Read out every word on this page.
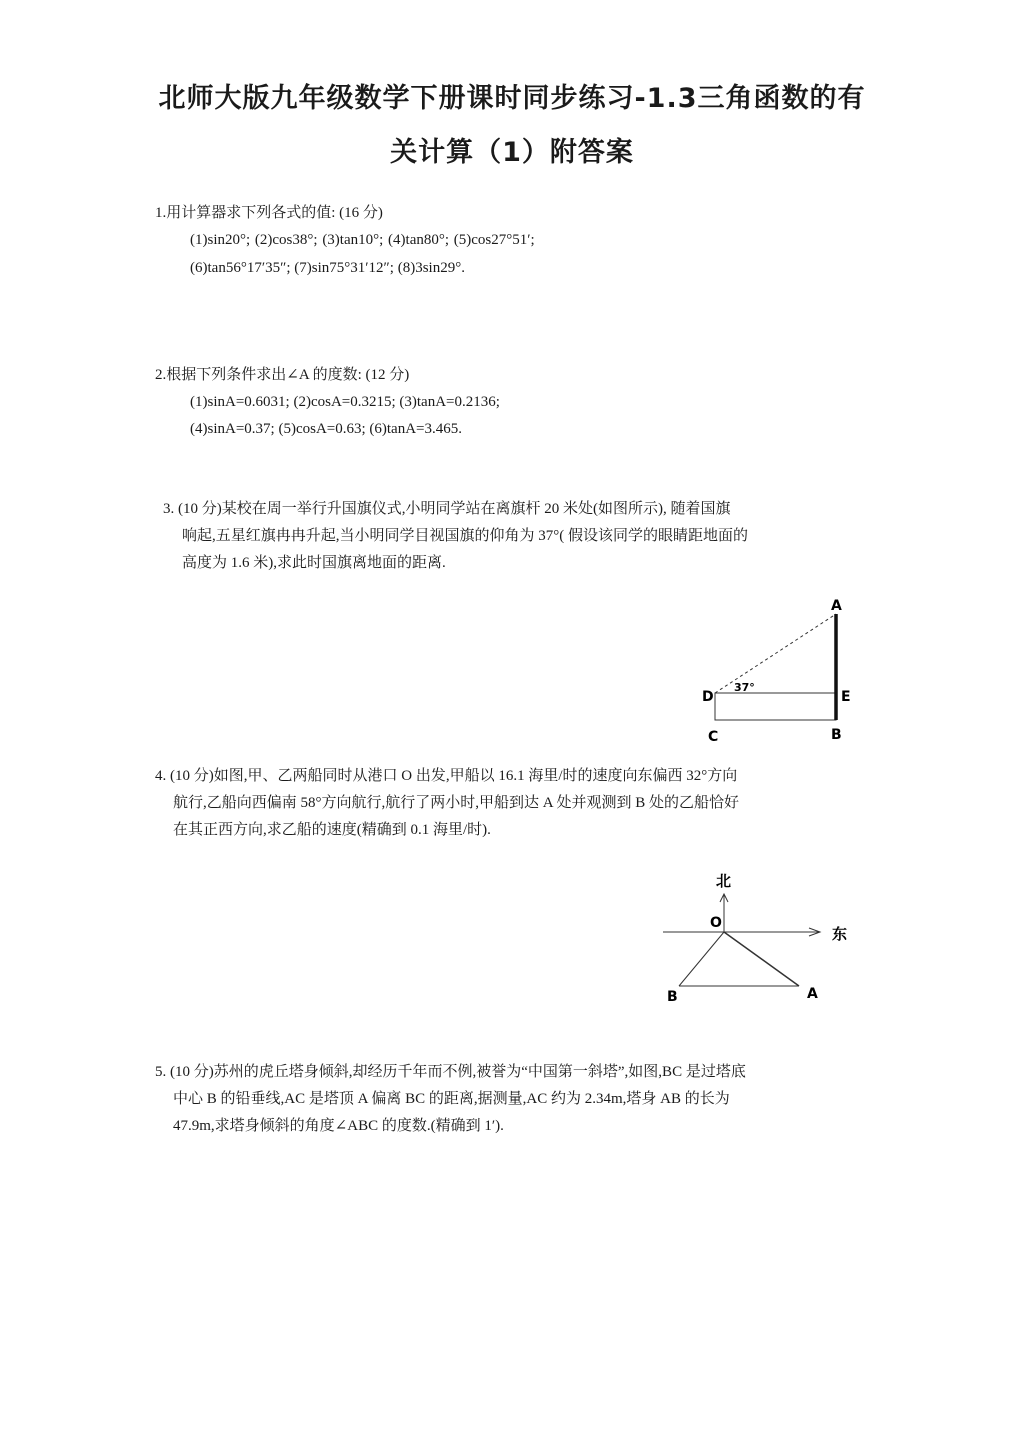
北师大版九年级数学下册课时同步练习-1.3三角函数的有
关计算（1）附答案
1.用计算器求下列各式的值: (16 分)
(1)sin20°; (2)cos38°; (3)tan10°; (4)tan80°; (5)cos27°51′;
(6)tan56°17′35″; (7)sin75°31′12″; (8)3sin29°.
2.根据下列条件求出∠A 的度数: (12 分)
(1)sinA=0.6031; (2)cosA=0.3215; (3)tanA=0.2136;
(4)sinA=0.37; (5)cosA=0.63; (6)tanA=3.465.
3. (10 分)某校在周一举行升国旗仪式,小明同学站在离旗杆 20 米处(如图所示), 随着国旗
响起,五星红旗冉冉升起,当小明同学目视国旗的仰角为 37°( 假设该同学的眼睛距地面的
高度为 1.6 米),求此时国旗离地面的距离.
A
D	E
C	B
37°
4. (10 分)如图,甲、乙两船同时从港口 O 出发,甲船以 16.1 海里/时的速度向东偏西 32°方向
航行,乙船向西偏南 58°方向航行,航行了两小时,甲船到达 A 处并观测到 B 处的乙船恰好
在其正西方向,求乙船的速度(精确到 0.1 海里/时).
北
东
O
B	A
5. (10 分)苏州的虎丘塔身倾斜,却经历千年而不例,被誉为“中国第一斜塔”,如图,BC 是过塔底
中心 B 的铅垂线,AC 是塔顶 A 偏离 BC 的距离,据测量,AC 约为 2.34m,塔身 AB 的长为
47.9m,求塔身倾斜的角度∠ABC 的度数.(精确到 1′).
